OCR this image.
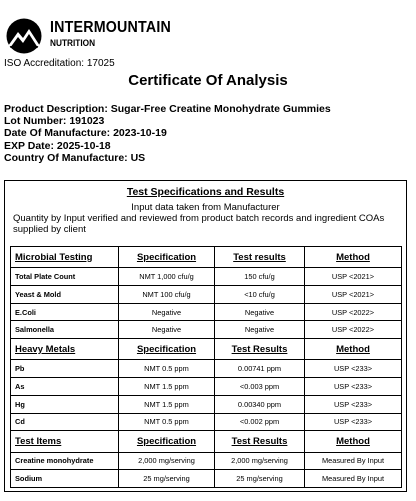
INTERMOUNTAIN
NUTRITION
ISO Accreditation: 17025
Certificate Of Analysis
Product Description: Sugar-Free Creatine Monohydrate Gummies
Lot Number: 191023
Date Of Manufacture: 2023-10-19
EXP Date: 2025-10-18
Country Of Manufacture: US
Test Specifications and Results
Input data taken from Manufacturer
Quantity by Input verified and reviewed from product batch records and ingredient COAs supplied by client
Microbial Testing	Specification	Test results	Method
Total Plate Count	NMT 1,000 cfu/g	150 cfu/g	USP <2021>
Yeast & Mold	NMT 100 cfu/g	<10 cfu/g	USP <2021>
E.Coli	Negative	Negative	USP <2022>
Salmonella	Negative	Negative	USP <2022>
Heavy Metals	Specification	Test Results	Method
Pb	NMT 0.5 ppm	0.00741 ppm	USP <233>
As	NMT 1.5 ppm	<0.003 ppm	USP <233>
Hg	NMT 1.5 ppm	0.00340 ppm	USP <233>
Cd	NMT 0.5 ppm	<0.002 ppm	USP <233>
Test Items	Specification	Test Results	Method
Creatine monohydrate	2,000 mg/serving	2,000 mg/serving	Measured By Input
Sodium	25 mg/serving	25 mg/serving	Measured By Input
